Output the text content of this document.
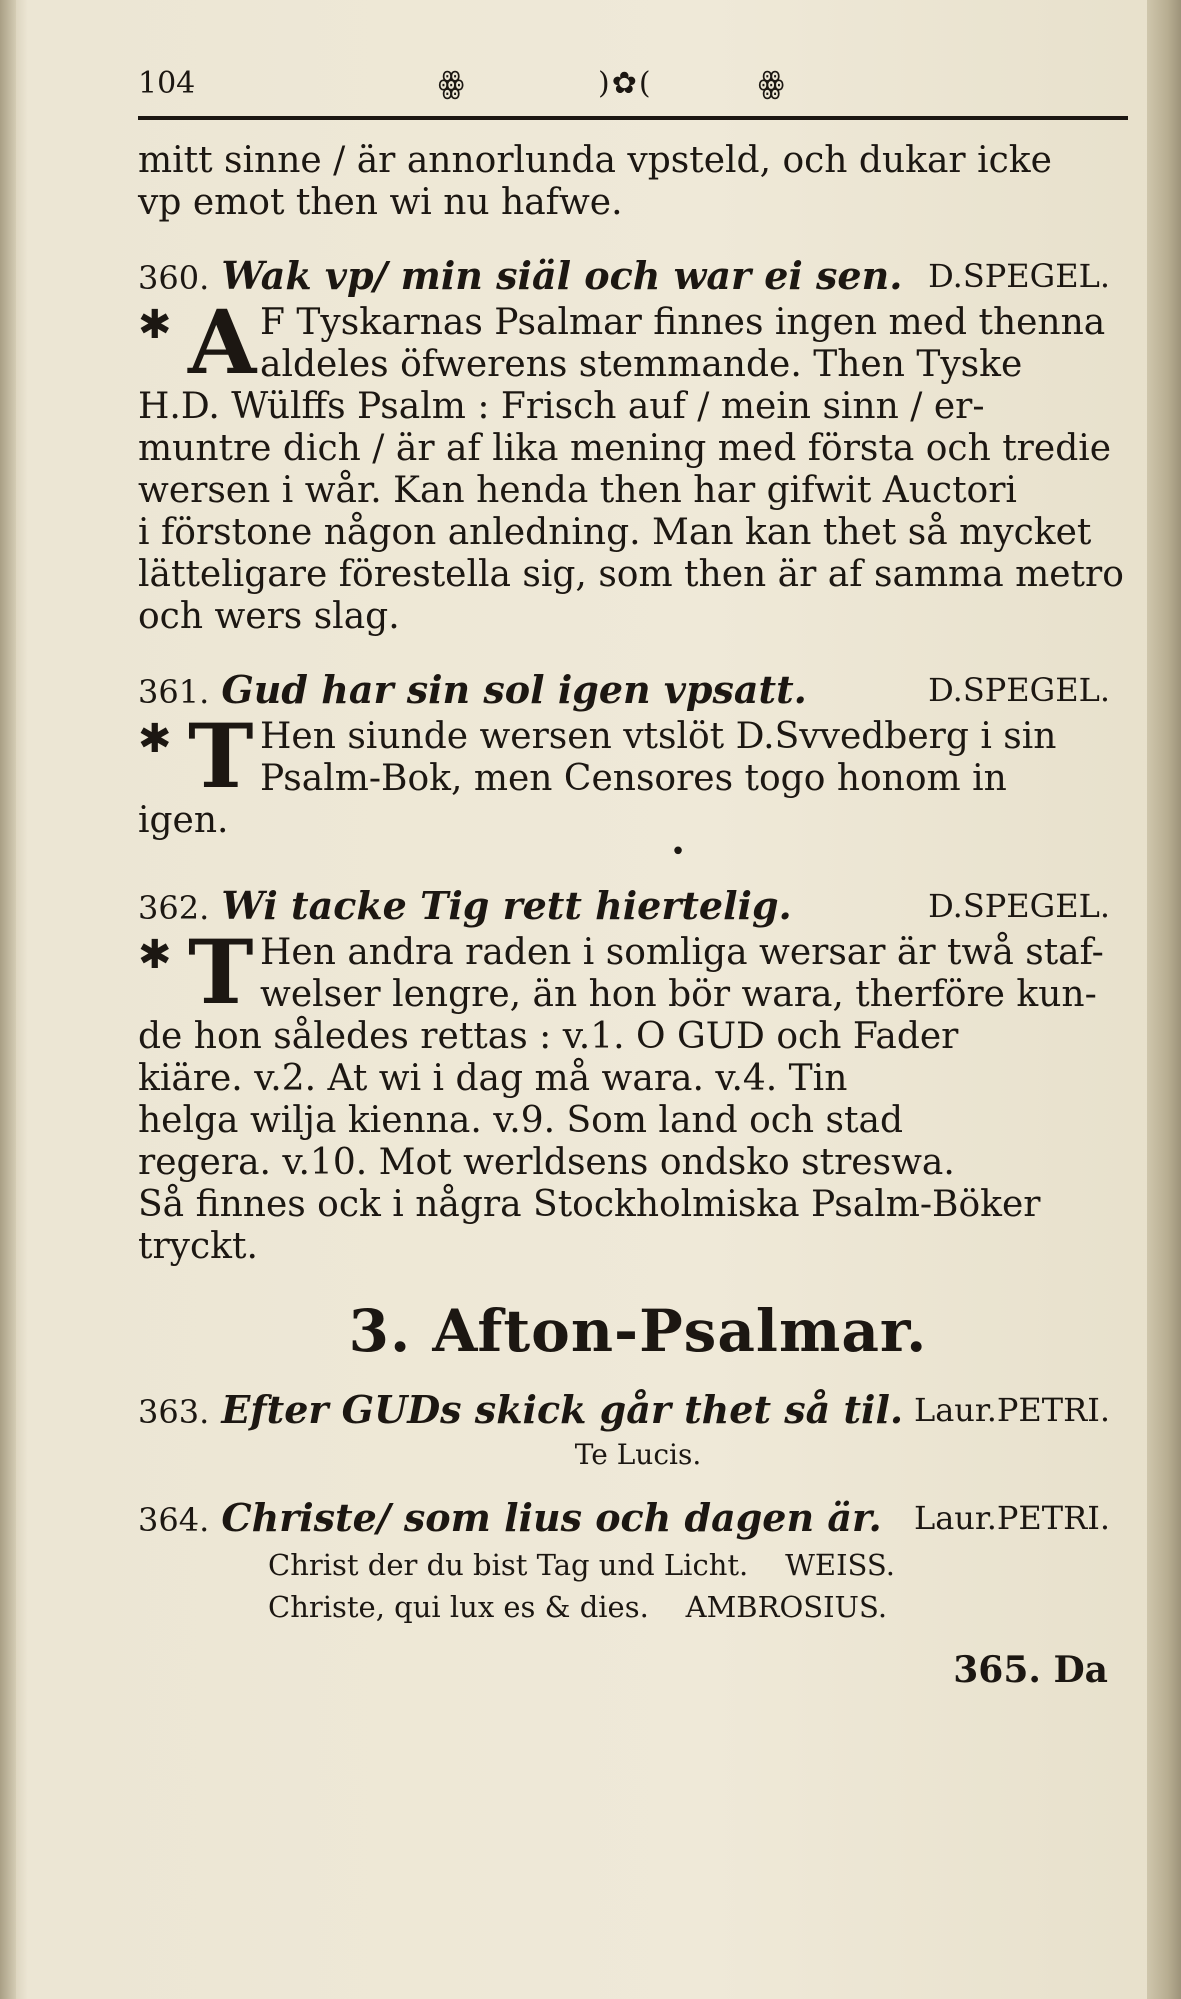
104	ꙮ	)✿(	ꙮ
mitt sinne / är annorlunda vpsteld, och dukar icke
vp emot then wi nu hafwe.
360. Wak vp/ min siäl och war ei sen. D.SPEGEL.
✱ A F Tyskarnas Psalmar finnes ingen med thenna
aldeles öfwerens stemmande. Then Tyske
H.D. Wülffs Psalm : Frisch auf / mein sinn / er-
muntre dich / är af lika mening med första och tredie
wersen i wår. Kan henda then har gifwit Auctori
i förstone någon anledning. Man kan thet så mycket
lätteligare förestella sig, som then är af samma metro
och wers slag.
361. Gud har sin sol igen vpsatt.	D.SPEGEL.
✱ T Hen siunde wersen vtslöt D.Svvedberg i sin
Psalm-Bok, men Censores togo honom in
igen.
•
362. Wi tacke Tig rett hiertelig.	D.SPEGEL.
✱ T Hen andra raden i somliga wersar är twå staf-
welser lengre, än hon bör wara, therföre kun-
de hon således rettas : v.1. O GUD och Fader
kiäre. v.2. At wi i dag må wara. v.4. Tin
helga wilja kienna. v.9. Som land och stad
regera. v.10. Mot werldsens ondsko streswa.
Så finnes ock i några Stockholmiska Psalm-Böker
tryckt.
3. Afton-Psalmar.
363. Efter GUDs skick går thet så til. Laur.PETRI.
Te Lucis.
364. Christe/ som lius och dagen är. Laur.PETRI.
Christ der du bist Tag und Licht. WEISS.
Christe, qui lux es & dies. AMBROSIUS.
365. Da
